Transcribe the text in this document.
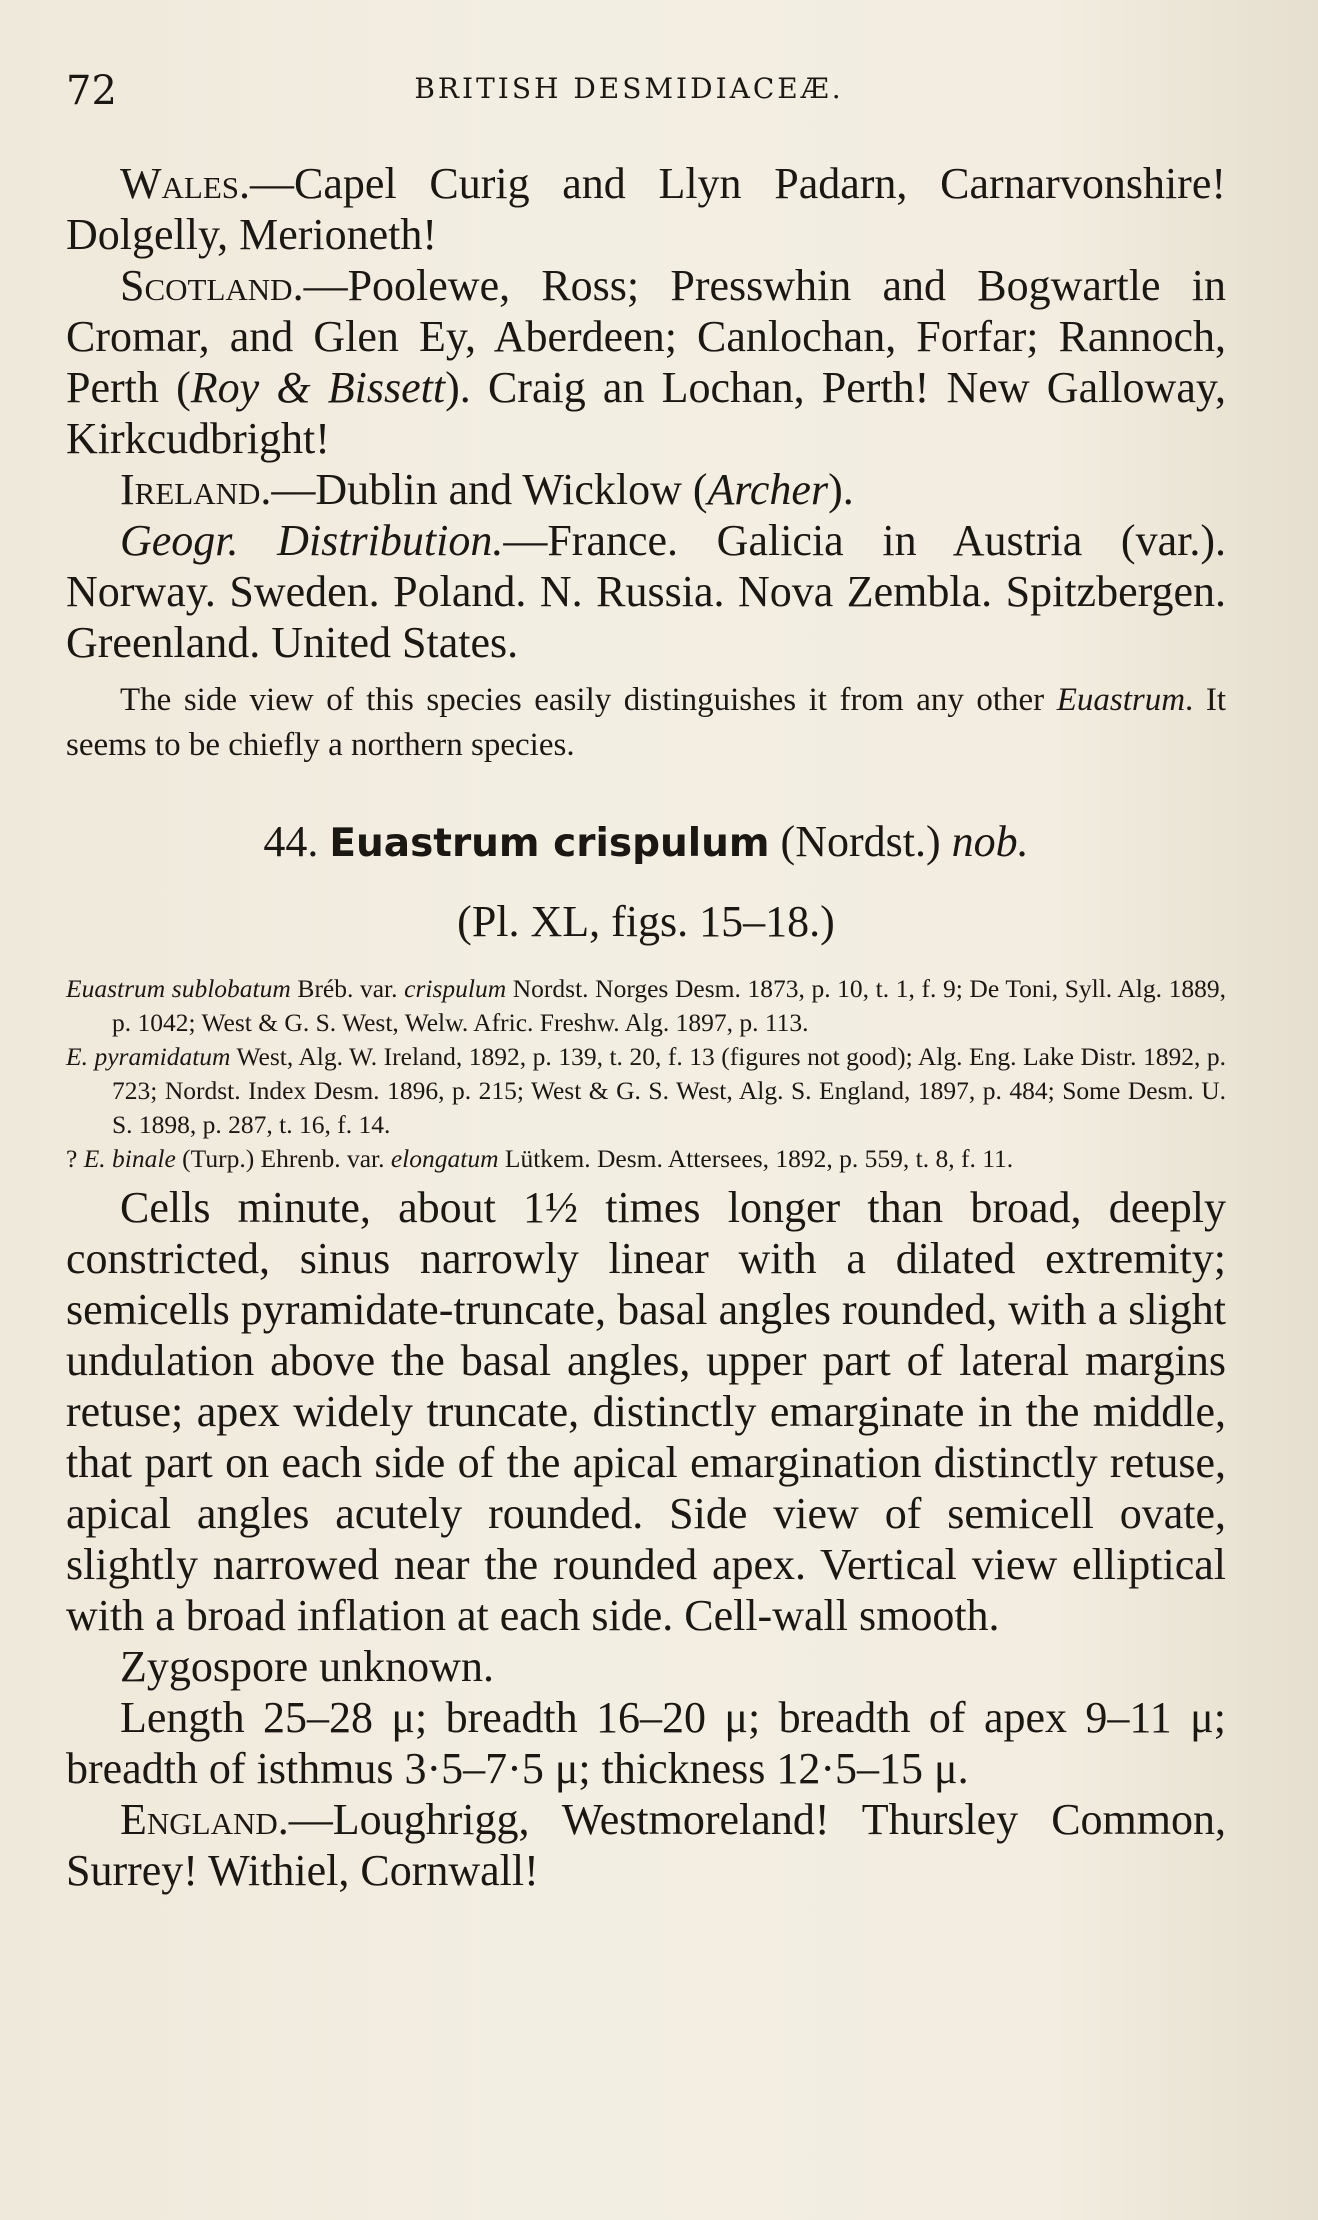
72	BRITISH DESMIDIACEÆ.

Wales.—Capel Curig and Llyn Padarn, Carnarvonshire! Dolgelly, Merioneth!

Scotland.—Poolewe, Ross; Presswhin and Bogwartle in Cromar, and Glen Ey, Aberdeen; Canlochan, Forfar; Rannoch, Perth (Roy & Bissett). Craig an Lochan, Perth! New Galloway, Kirkcudbright!

Ireland.—Dublin and Wicklow (Archer).

Geogr. Distribution.—France. Galicia in Austria (var.). Norway. Sweden. Poland. N. Russia. Nova Zembla. Spitzbergen. Greenland. United States.

The side view of this species easily distinguishes it from any other Euastrum. It seems to be chiefly a northern species.

44. Euastrum crispulum (Nordst.) nob.
(Pl. XL, figs. 15–18.)

Euastrum sublobatum Bréb. var. crispulum Nordst. Norges Desm. 1873, p. 10, t. 1, f. 9; De Toni, Syll. Alg. 1889, p. 1042; West & G. S. West, Welw. Afric. Freshw. Alg. 1897, p. 113.

E. pyramidatum West, Alg. W. Ireland, 1892, p. 139, t. 20, f. 13 (figures not good); Alg. Eng. Lake Distr. 1892, p. 723; Nordst. Index Desm. 1896, p. 215; West & G. S. West, Alg. S. England, 1897, p. 484; Some Desm. U. S. 1898, p. 287, t. 16, f. 14.

? E. binale (Turp.) Ehrenb. var. elongatum Lütkem. Desm. Attersees, 1892, p. 559, t. 8, f. 11.

Cells minute, about 1½ times longer than broad, deeply constricted, sinus narrowly linear with a dilated extremity; semicells pyramidate-truncate, basal angles rounded, with a slight undulation above the basal angles, upper part of lateral margins retuse; apex widely truncate, distinctly emarginate in the middle, that part on each side of the apical emargination distinctly retuse, apical angles acutely rounded. Side view of semicell ovate, slightly narrowed near the rounded apex. Vertical view elliptical with a broad inflation at each side. Cell-wall smooth.

Zygospore unknown.

Length 25–28 μ; breadth 16–20 μ; breadth of apex 9–11 μ; breadth of isthmus 3·5–7·5 μ; thickness 12·5–15 μ.

England.—Loughrigg, Westmoreland! Thursley Common, Surrey! Withiel, Cornwall!
